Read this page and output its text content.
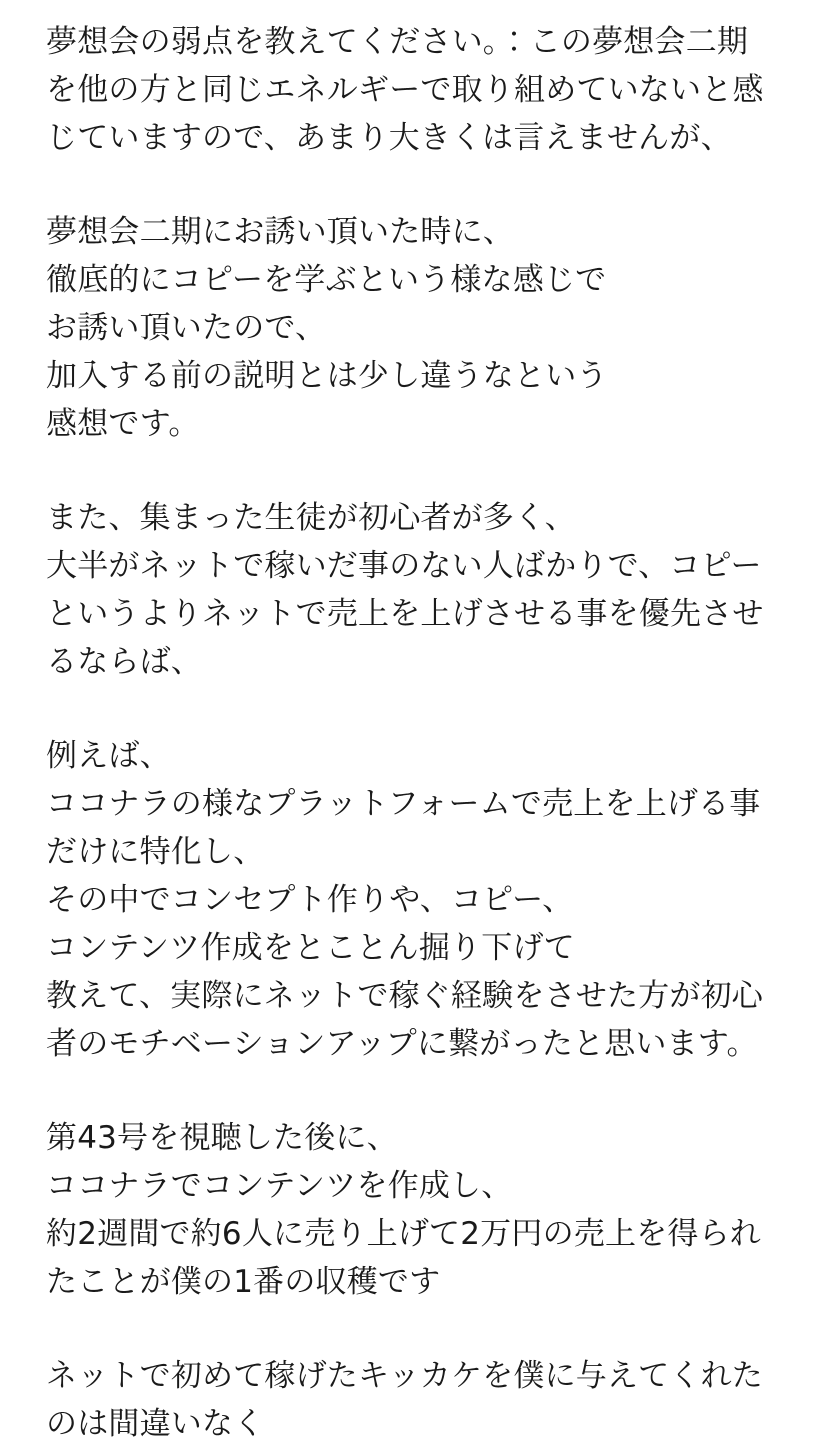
夢想会の弱点を教えてください。：この夢想会二期
を他の方と同じエネルギーで取り組めていないと感
じていますので、あまり大きくは言えませんが、
夢想会二期にお誘い頂いた時に、
徹底的にコピーを学ぶという様な感じで
お誘い頂いたので、
加入する前の説明とは少し違うなという
感想です。
また、集まった生徒が初心者が多く、
大半がネットで稼いだ事のない人ばかりで、コピー
というよりネットで売上を上げさせる事を優先させ
るならば、
例えば、
ココナラの様なプラットフォームで売上を上げる事
だけに特化し、
その中でコンセプト作りや、コピー、
コンテンツ作成をとことん掘り下げて
教えて、実際にネットで稼ぐ経験をさせた方が初心
者のモチベーションアップに繋がったと思います。
第43号を視聴した後に、
ココナラでコンテンツを作成し、
約2週間で約6人に売り上げて2万円の売上を得られ
たことが僕の1番の収穫です
ネットで初めて稼げたキッカケを僕に与えてくれた
のは間違いなく
